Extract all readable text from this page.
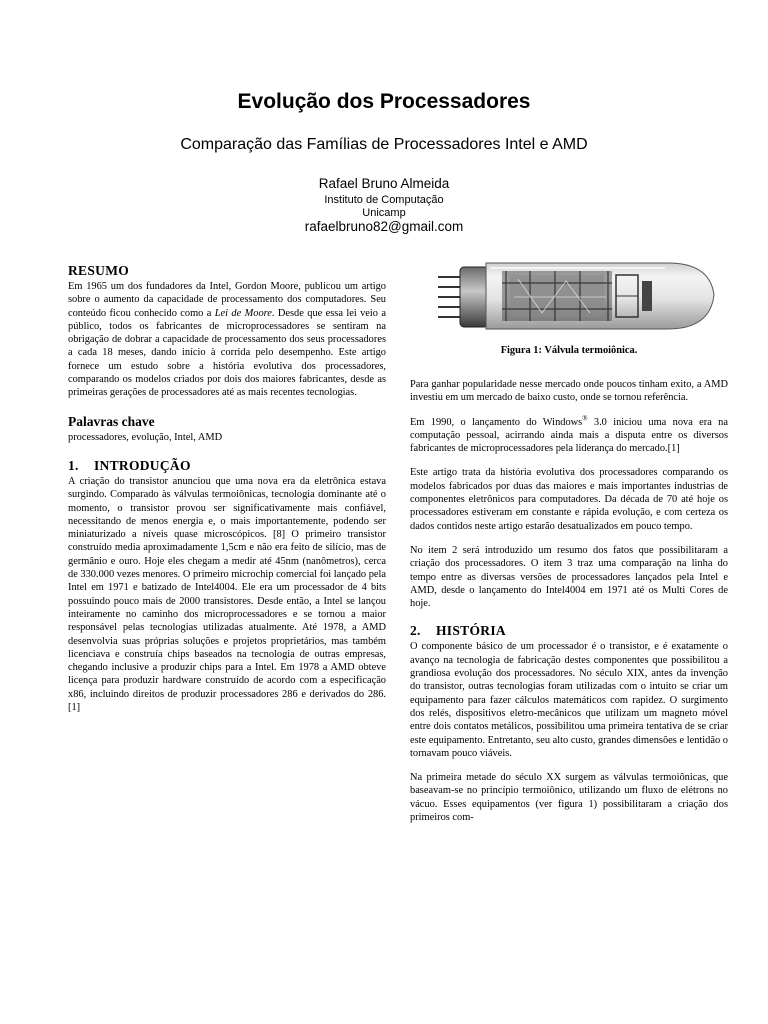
Evolução dos Processadores
Comparação das Famílias de Processadores Intel e AMD
Rafael Bruno Almeida
Instituto de Computação
Unicamp
rafaelbruno82@gmail.com
RESUMO

Em 1965 um dos fundadores da Intel, Gordon Moore, publicou um artigo sobre o aumento da capacidade de processamento dos computadores. Seu conteúdo ficou conhecido como a Lei de Moore. Desde que essa lei veio a público, todos os fabricantes de microprocessadores se sentiram na obrigação de dobrar a capacidade de processamento dos seus processadores a cada 18 meses, dando início à corrida pelo desempenho. Este artigo fornece um estudo sobre a história evolutiva dos processadores, comparando os modelos criados por dois dos maiores fabricantes, desde as primeiras gerações de processadores até as mais recentes tecnologias.

Palavras chave

processadores, evolução, Intel, AMD

1. INTRODUÇÃO

A criação do transistor anunciou que uma nova era da eletrônica estava surgindo. Comparado às válvulas termoiônicas, tecnologia dominante até o momento, o transistor provou ser significativamente mais confiável, necessitando de menos energia e, o mais importantemente, podendo ser miniaturizado a níveis quase microscópicos. [8] O primeiro transistor construído media aproximadamente 1,5cm e não era feito de silício, mas de germânio e ouro. Hoje eles chegam a medir até 45nm (nanômetros), cerca de 330.000 vezes menores. O primeiro microchip comercial foi lançado pela Intel em 1971 e batizado de Intel4004. Ele era um processador de 4 bits possuindo pouco mais de 2000 transistores. Desde então, a Intel se lançou inteiramente no caminho dos microprocessadores e se tornou a maior responsável pelas tecnologias utilizadas atualmente. Até 1978, a AMD desenvolvia suas próprias soluções e projetos proprietários, mas também licenciava e construía chips baseados na tecnologia de outras empresas, chegando inclusive a produzir chips para a Intel. Em 1978 a AMD obteve licença para produzir hardware construído de acordo com a especificação x86, incluindo direitos de produzir processadores 286 e derivados do 286.[1]

Figura 1: Válvula termoiônica.

Para ganhar popularidade nesse mercado onde poucos tinham exito, a AMD investiu em um mercado de baixo custo, onde se tornou referência.

Em 1990, o lançamento do Windows® 3.0 iniciou uma nova era na computação pessoal, acirrando ainda mais a disputa entre os diversos fabricantes de microprocessadores pela liderança do mercado.[1]

Este artigo trata da história evolutiva dos processadores comparando os modelos fabricados por duas das maiores e mais importantes industrias de componentes eletrônicos para computadores. Da década de 70 até hoje os processadores estiveram em constante e rápida evolução, e com certeza os dados contidos neste artigo estarão desatualizados em pouco tempo.

No item 2 será introduzido um resumo dos fatos que possibilitaram a criação dos processadores. O item 3 traz uma comparação na linha do tempo entre as diversas versões de processadores lançados pela Intel e AMD, desde o lançamento do Intel4004 em 1971 até os Multi Cores de hoje.

2. HISTÓRIA

O componente básico de um processador é o transistor, e é exatamente o avanço na tecnologia de fabricação destes componentes que possibilitou a grandiosa evolução dos processadores. No século XIX, antes da invenção do transistor, outras tecnologias foram utilizadas com o intuito se criar um equipamento para fazer cálculos matemáticos com rapidez. O surgimento dos relés, dispositivos eletro-mecânicos que utilizam um magneto móvel entre dois contatos metálicos, possibilitou uma primeira tentativa de se criar este equipamento. Entretanto, seu alto custo, grandes dimensões e lentidão o tornavam pouco viáveis.

Na primeira metade do século XX surgem as válvulas termoiônicas, que baseavam-se no princípio termoiônico, utilizando um fluxo de elétrons no vácuo. Esses equipamentos (ver figura 1) possibilitaram a criação dos primeiros com-
